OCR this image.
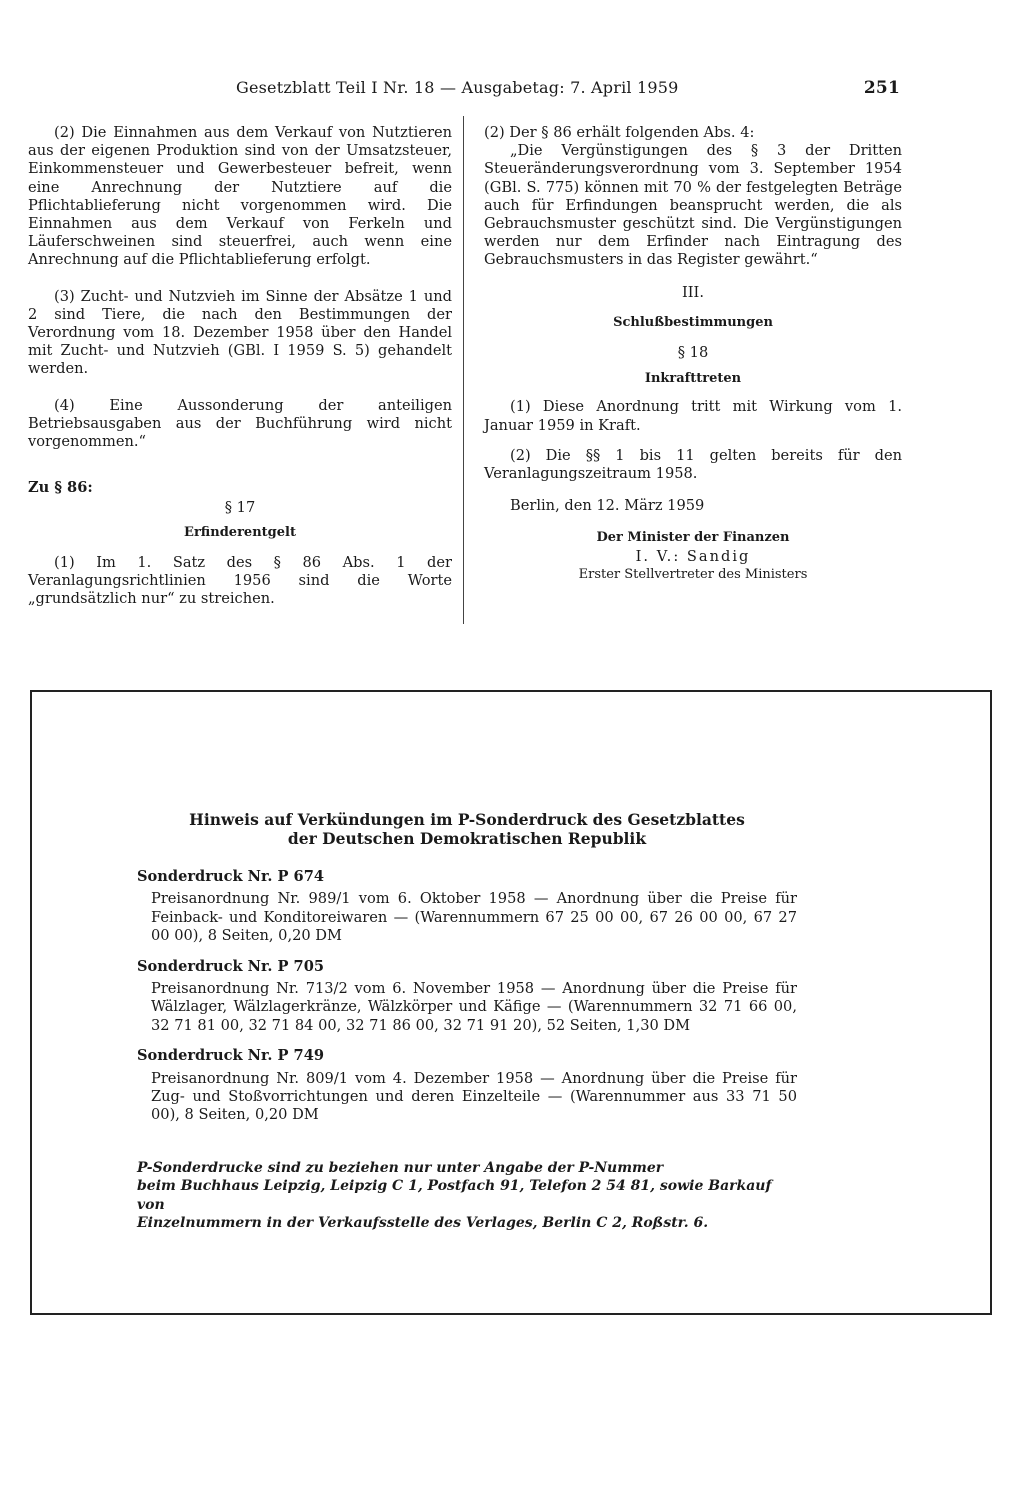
Gesetzblatt Teil I Nr. 18 — Ausgabetag: 7. April 1959	251

(2) Die Einnahmen aus dem Verkauf von Nutztieren aus der eigenen Produktion sind von der Umsatzsteuer, Einkommensteuer und Gewerbesteuer befreit, wenn eine Anrechnung der Nutztiere auf die Pflichtablieferung nicht vorgenommen wird. Die Einnahmen aus dem Verkauf von Ferkeln und Läuferschweinen sind steuerfrei, auch wenn eine Anrechnung auf die Pflichtablieferung erfolgt.

(3) Zucht- und Nutzvieh im Sinne der Absätze 1 und 2 sind Tiere, die nach den Bestimmungen der Verordnung vom 18. Dezember 1958 über den Handel mit Zucht- und Nutzvieh (GBl. I 1959 S. 5) gehandelt werden.

(4) Eine Aussonderung der anteiligen Betriebsausgaben aus der Buchführung wird nicht vorgenommen.“

Zu § 86:

§ 17

Erfinderentgelt

(1) Im 1. Satz des § 86 Abs. 1 der Veranlagungsrichtlinien 1956 sind die Worte „grundsätzlich nur“ zu streichen.

(2) Der § 86 erhält folgenden Abs. 4:

„Die Vergünstigungen des § 3 der Dritten Steueränderungsverordnung vom 3. September 1954 (GBl. S. 775) können mit 70 % der festgelegten Beträge auch für Erfindungen beansprucht werden, die als Gebrauchsmuster geschützt sind. Die Vergünstigungen werden nur dem Erfinder nach Eintragung des Gebrauchsmusters in das Register gewährt.“

III.

Schlußbestimmungen

§ 18

Inkrafttreten

(1) Diese Anordnung tritt mit Wirkung vom 1. Januar 1959 in Kraft.

(2) Die §§ 1 bis 11 gelten bereits für den Veranlagungszeitraum 1958.

Berlin, den 12. März 1959

Der Minister der Finanzen

I. V.: Sandig

Erster Stellvertreter des Ministers

Hinweis auf Verkündungen im P-Sonderdruck des Gesetzblattes
der Deutschen Demokratischen Republik

Sonderdruck Nr. P 674

Preisanordnung Nr. 989/1 vom 6. Oktober 1958 — Anordnung über die Preise für Feinback- und Konditoreiwaren — (Warennummern 67 25 00 00, 67 26 00 00, 67 27 00 00), 8 Seiten, 0,20 DM

Sonderdruck Nr. P 705

Preisanordnung Nr. 713/2 vom 6. November 1958 — Anordnung über die Preise für Wälzlager, Wälzlagerkränze, Wälzkörper und Käfige — (Warennummern 32 71 66 00, 32 71 81 00, 32 71 84 00, 32 71 86 00, 32 71 91 20), 52 Seiten, 1,30 DM

Sonderdruck Nr. P 749

Preisanordnung Nr. 809/1 vom 4. Dezember 1958 — Anordnung über die Preise für Zug- und Stoßvorrichtungen und deren Einzelteile — (Warennummer aus 33 71 50 00), 8 Seiten, 0,20 DM

P-Sonderdrucke sind zu beziehen nur unter Angabe der P-Nummer
beim Buchhaus Leipzig, Leipzig C 1, Postfach 91, Telefon 2 54 81, sowie Barkauf von
Einzelnummern in der Verkaufsstelle des Verlages, Berlin C 2, Roßstr. 6.
